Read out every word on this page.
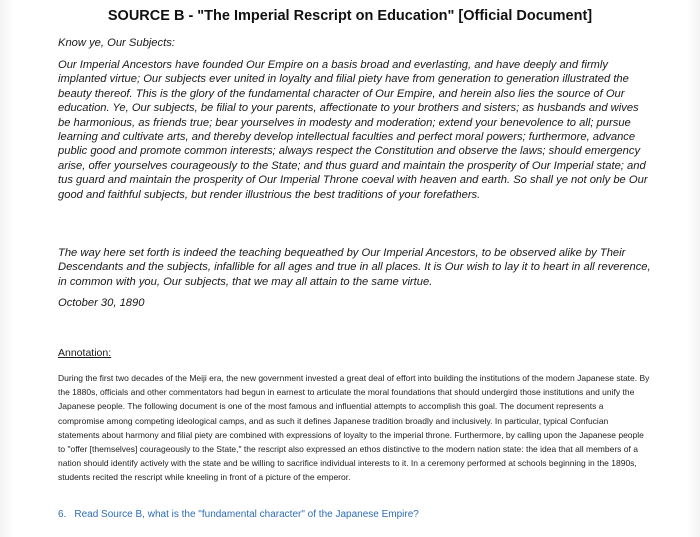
SOURCE B - "The Imperial Rescript on Education" [Official Document]
Know ye, Our Subjects:
Our Imperial Ancestors have founded Our Empire on a basis broad and everlasting, and have deeply and firmly implanted virtue; Our subjects ever united in loyalty and filial piety have from generation to generation illustrated the beauty thereof. This is the glory of the fundamental character of Our Empire, and herein also lies the source of Our education. Ye, Our subjects, be filial to your parents, affectionate to your brothers and sisters; as husbands and wives be harmonious, as friends true; bear yourselves in modesty and moderation; extend your benevolence to all; pursue learning and cultivate arts, and thereby develop intellectual faculties and perfect moral powers; furthermore, advance public good and promote common interests; always respect the Constitution and observe the laws; should emergency arise, offer yourselves courageously to the State; and thus guard and maintain the prosperity of Our Imperial state; and tus guard and maintain the prosperity of Our Imperial Throne coeval with heaven and earth. So shall ye not only be Our good and faithful subjects, but render illustrious the best traditions of your forefathers.
The way here set forth is indeed the teaching bequeathed by Our Imperial Ancestors, to be observed alike by Their Descendants and the subjects, infallible for all ages and true in all places. It is Our wish to lay it to heart in all reverence, in common with you, Our subjects, that we may all attain to the same virtue.
October 30, 1890
Annotation:
During the first two decades of the Meiji era, the new government invested a great deal of effort into building the institutions of the modern Japanese state. By the 1880s, officials and other commentators had begun in earnest to articulate the moral foundations that should undergird those institutions and unify the Japanese people. The following document is one of the most famous and influential attempts to accomplish this goal. The document represents a compromise among competing ideological camps, and as such it defines Japanese tradition broadly and inclusively. In particular, typical Confucian statements about harmony and filial piety are combined with expressions of loyalty to the imperial throne. Furthermore, by calling upon the Japanese people to "offer [themselves] courageously to the State," the rescript also expressed an ethos distinctive to the modern nation state: the idea that all members of a nation should identify actively with the state and be willing to sacrifice individual interests to it. In a ceremony performed at schools beginning in the 1890s, students recited the rescript while kneeling in front of a picture of the emperor.
6. Read Source B, what is the "fundamental character" of the Japanese Empire?
